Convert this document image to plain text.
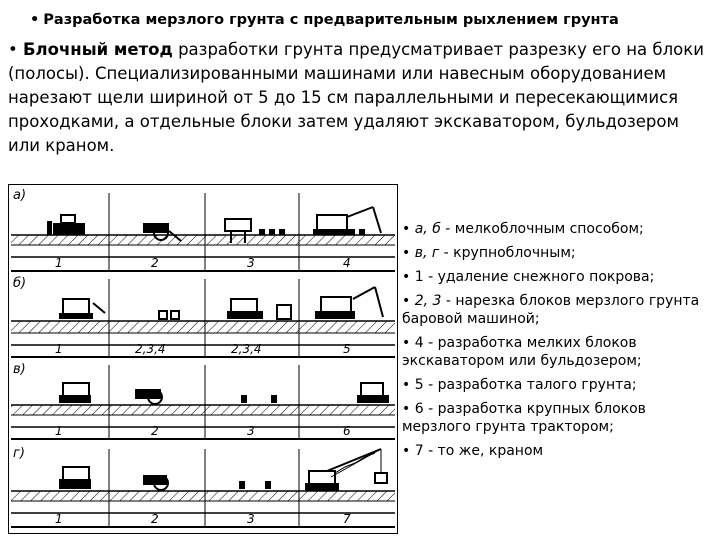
• Разработка мерзлого грунта с предварительным рыхлением грунта
• Блочный метод разработки грунта предусматривает разрезку его на блоки (полосы). Специализированными машинами или навесным оборудованием нарезают щели шириной от 5 до 15 см параллельными и пересекающимися проходками, а отдельные блоки затем удаляют экскаватором, бульдозером или краном.
а)
1	2	3	4
б)
1	2,3,4	2,3,4	5
в)
1	2	3	6
г)
1	2	3	7
• а, б - мелкоблочным способом;
• в, г - крупноблочным;
• 1 - удаление снежного покрова;
• 2, 3 - нарезка блоков мерзлого грунта баровой машиной;
• 4 - разработка мелких блоков экскаватором или бульдозером;
• 5 - разработка талого грунта;
• 6 - разработка крупных блоков мерзлого грунта трактором;
• 7 - то же, краном
